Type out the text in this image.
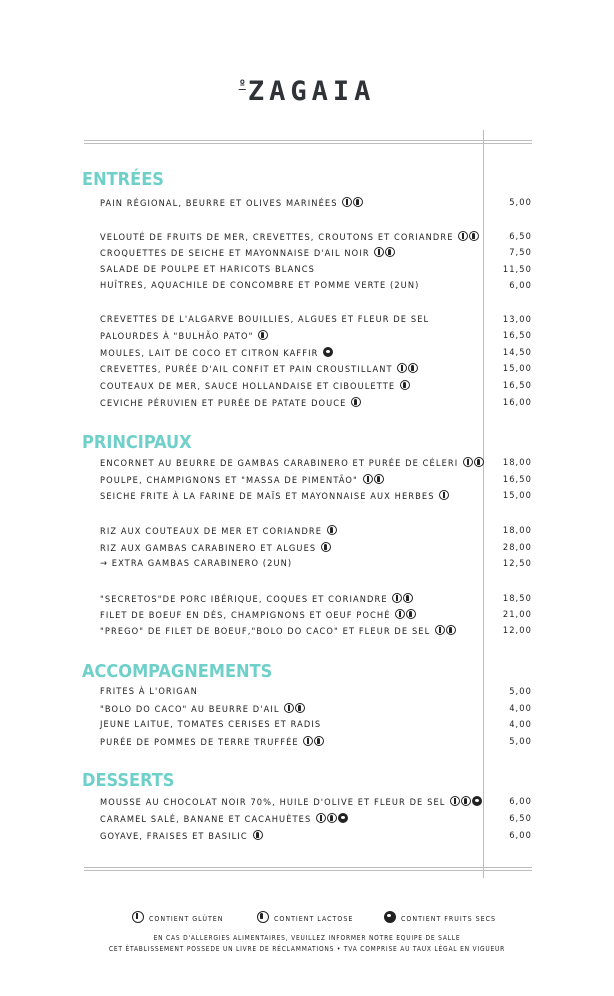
$^º$ZAGAIA
ENTRÉES
PAIN RÉGIONAL, BEURRE ET OLIVES MARINÉES	5,00
VELOUTÉ DE FRUITS DE MER, CREVETTES, CROUTONS ET CORIANDRE	6,50
CROQUETTES DE SEICHE ET MAYONNAISE D'AIL NOIR	7,50
SALADE DE POULPE ET HARICOTS BLANCS	11,50
HUÎTRES, AQUACHILE DE CONCOMBRE ET POMME VERTE (2UN)	6,00
CREVETTES DE L'ALGARVE BOUILLIES, ALGUES ET FLEUR DE SEL	13,00
PALOURDES À "BULHÃO PATO"	16,50
MOULES, LAIT DE COCO ET CITRON KAFFIR	14,50
CREVETTES, PURÉE D'AIL CONFIT ET PAIN CROUSTILLANT	15,00
COUTEAUX DE MER, SAUCE HOLLANDAISE ET CIBOULETTE	16,50
CEVICHE PÉRUVIEN ET PURÉE DE PATATE DOUCE	16,00
PRINCIPAUX
ENCORNET AU BEURRE DE GAMBAS CARABINERO ET PURÉE DE CÉLERI	18,00
POULPE, CHAMPIGNONS ET "MASSA DE PIMENTÃO"	16,50
SEICHE FRITE À LA FARINE DE MAÏS ET MAYONNAISE AUX HERBES	15,00
RIZ AUX COUTEAUX DE MER ET CORIANDRE	18,00
RIZ AUX GAMBAS CARABINERO ET ALGUES	28,00
→ EXTRA GAMBAS CARABINERO (2UN)	12,50
"SECRETOS"DE PORC IBÉRIQUE, COQUES ET CORIANDRE	18,50
FILET DE BOEUF EN DÉS, CHAMPIGNONS ET OEUF POCHÉ	21,00
"PREGO" DE FILET DE BOEUF,"BOLO DO CACO" ET FLEUR DE SEL	12,00
ACCOMPAGNEMENTS
FRITES À L'ORIGAN	5,00
"BOLO DO CACO" AU BEURRE D'AIL	4,00
JEUNE LAITUE, TOMATES CERISES ET RADIS	4,00
PURÉE DE POMMES DE TERRE TRUFFÉE	5,00
DESSERTS
MOUSSE AU CHOCOLAT NOIR 70%, HUILE D'OLIVE ET FLEUR DE SEL	6,00
CARAMEL SALÉ, BANANE ET CACAHUÈTES	6,50
GOYAVE, FRAISES ET BASILIC	6,00
CONTIENT GLÚTEN	CONTIENT LACTOSE	CONTIENT FRUITS SECS
EN CAS D'ALLERGIES ALIMENTAIRES, VEUILLEZ INFORMER NOTRE EQUIPE DE SALLE
CET ÉTABLISSEMENT POSSEDE UN LIVRE DE RÉCLAMMATIONS • TVA COMPRISE AU TAUX LÉGAL EN VIGUEUR
